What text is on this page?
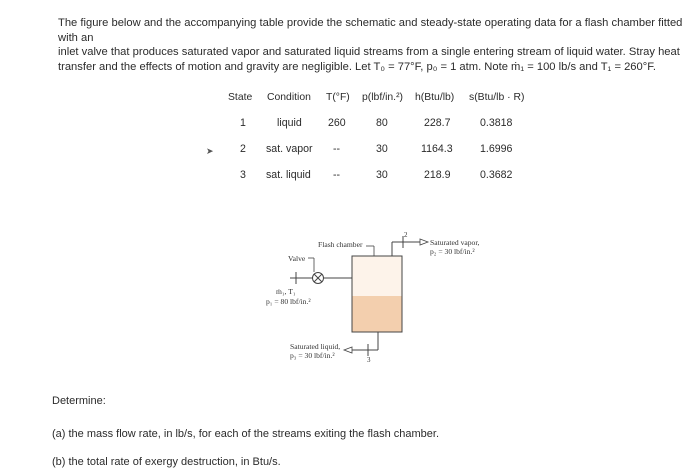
The figure below and the accompanying table provide the schematic and steady-state operating data for a flash chamber fitted with an
inlet valve that produces saturated vapor and saturated liquid streams from a single entering stream of liquid water. Stray heat
transfer and the effects of motion and gravity are negligible. Let T₀ = 77°F, p₀ = 1 atm. Note ṁ₁ = 100 lb/s and T₁ = 260°F.
State Condition T(°F) p(lbf/in.²) h(Btu/lb) s(Btu/lb · R)
1	liquid 260	80	228.7	0.3818
2 sat. vapor --	30	1164.3	1.6996
3 sat. liquid --	30	218.9	0.3682
➤
Flash chamber
Valve
ṁ₁, T₁
p₁ = 80 lbf/in.²
2
Saturated vapor,
p₂ = 30 lbf/in.²
Saturated liquid,
p₃ = 30 lbf/in.²	3
Determine:
(a) the mass flow rate, in lb/s, for each of the streams exiting the flash chamber.
(b) the total rate of exergy destruction, in Btu/s.
